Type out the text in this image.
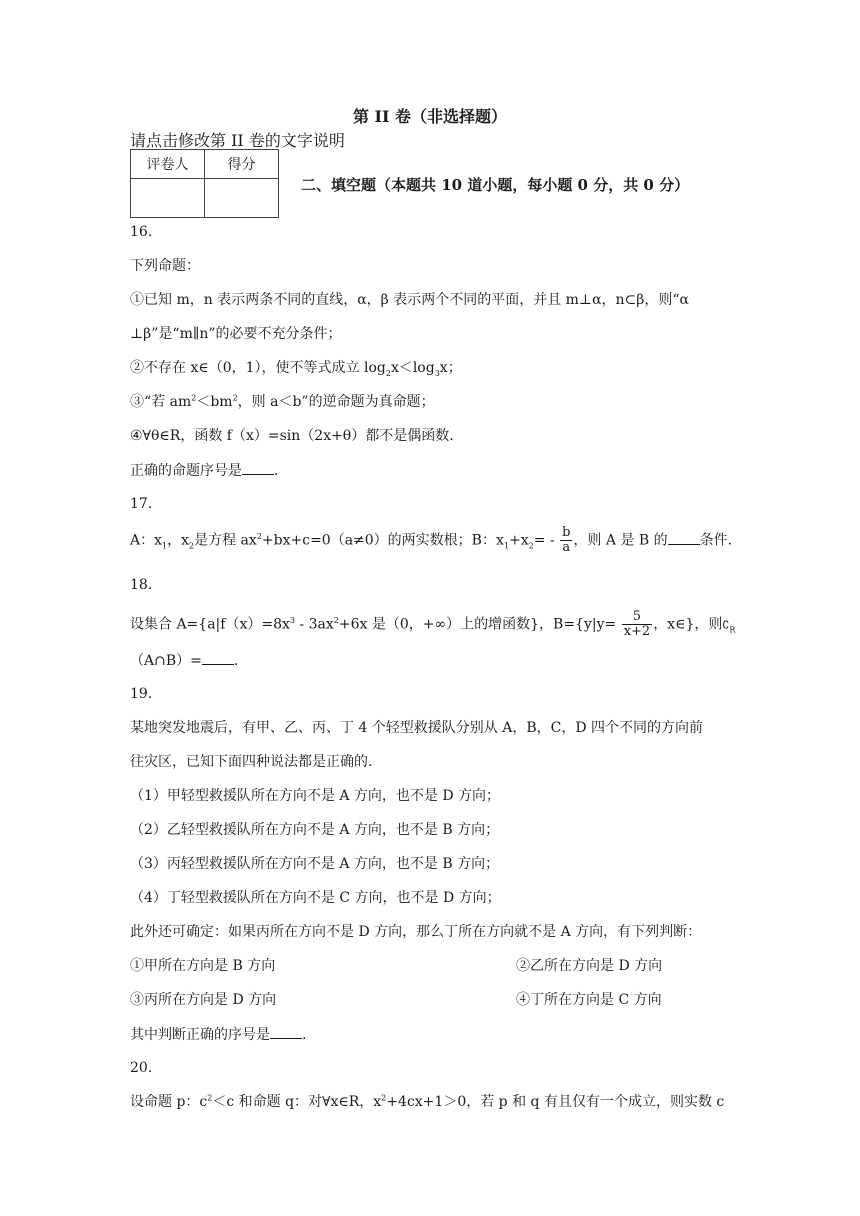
第 II 卷（非选择题）
请点击修改第 II 卷的文字说明
评卷人	得分

二、填空题（本题共 10 道小题，每小题 0 分，共 0 分）
16.
下列命题：
①已知 m，n 表示两条不同的直线，α，β 表示两个不同的平面，并且 m⊥α，n⊂β，则“α
⊥β”是“m∥n”的必要不充分条件；
②不存在 x∈（0，1），使不等式成立 $\log_2x<\log_3x$；
③“若 $am^2<bm^2$，则 a＜b”的逆命题为真命题；
④∀θ∈R，函数 f（x）=sin（2x+θ）都不是偶函数.
正确的命题序号是 .
17.
A：$x_1$，$x_2$是方程 $ax^2+bx+c=0(a\ne 0)$的两实数根；B：$x_1+x_2= - \frac{b}{a}$ ，则 A 是 B 的 条件.
18.
设集合 $A=\{a|f(x)=8x^3 - 3ax^2+6x$ 是（0，+∞）上的增函数}，$B=\{y|y= \frac{5}{x+2}$ ，x∈}，则$∁_R$
（A∩B）= .
19.
某地突发地震后，有甲、乙、丙、丁 4 个轻型救援队分别从 A，B，C，D 四个不同的方向前
往灾区，已知下面四种说法都是正确的.
（1）甲轻型救援队所在方向不是 A 方向，也不是 D 方向；
（2）乙轻型救援队所在方向不是 A 方向，也不是 B 方向；
（3）丙轻型救援队所在方向不是 A 方向，也不是 B 方向；
（4）丁轻型救援队所在方向不是 C 方向，也不是 D 方向；
此外还可确定：如果丙所在方向不是 D 方向，那么丁所在方向就不是 A 方向，有下列判断：
①甲所在方向是 B 方向	②乙所在方向是 D 方向
③丙所在方向是 D 方向	④丁所在方向是 C 方向
其中判断正确的序号是 .
20.
设命题 p：$c^2<c$ 和命题 q：对∀x∈R，$x^2+4cx+1>0$，若 p 和 q 有且仅有一个成立，则实数 c
